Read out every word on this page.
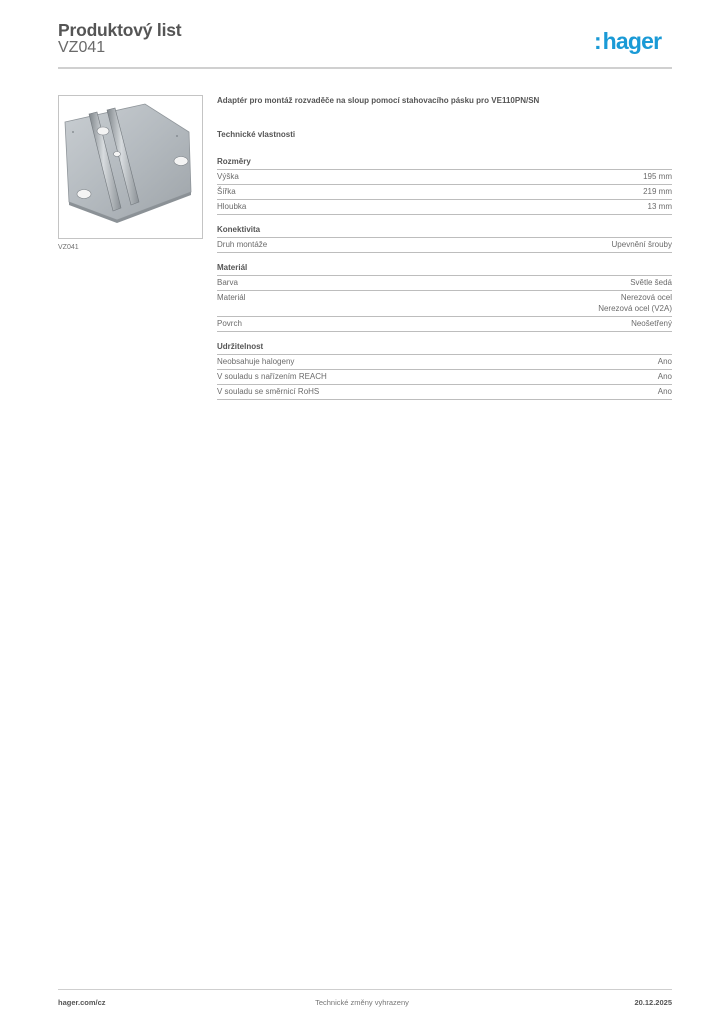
Produktový list
VZ041	:hager
VZ041
Adaptér pro montáž rozvaděče na sloup pomocí stahovacího pásku pro VE110PN/SN
Technické vlastnosti
Rozměry
Výška	195 mm
Šířka	219 mm
Hloubka	13 mm
Konektivita
Druh montáže	Upevnění šrouby
Materiál
Barva	Světle šedá
Materiál	Nerezová ocel
Nerezová ocel (V2A)
Povrch	Neošetřený
Udržitelnost
Neobsahuje halogeny	Ano
V souladu s nařízením REACH	Ano
V souladu se směrnicí RoHS	Ano
hager.com/cz	Technické změny vyhrazeny	20.12.2025
